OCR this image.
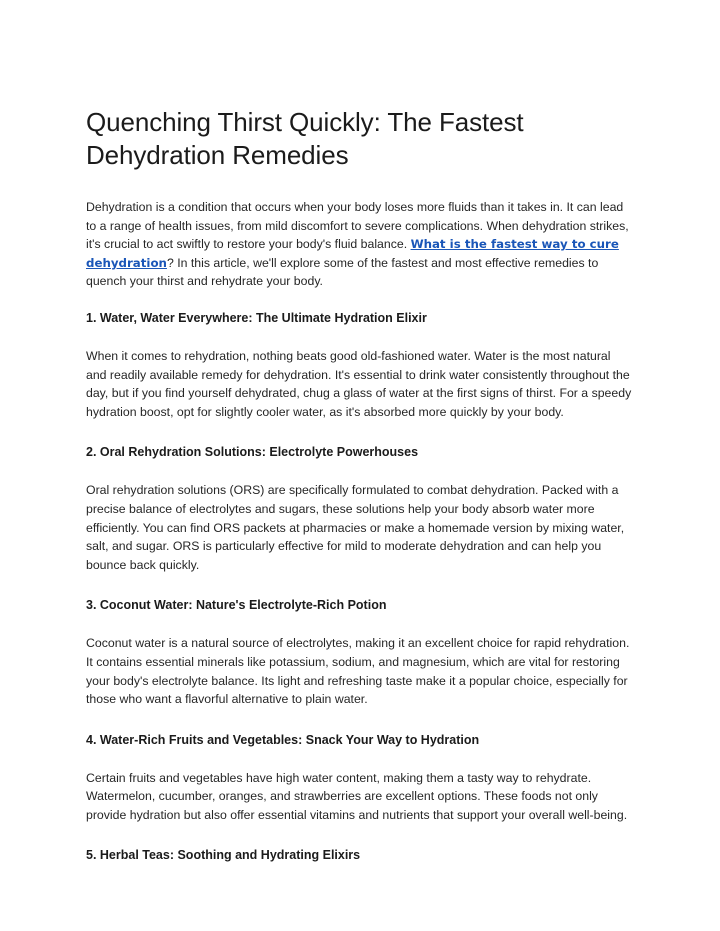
Quenching Thirst Quickly: The Fastest Dehydration Remedies

Dehydration is a condition that occurs when your body loses more fluids than it takes in. It can lead to a range of health issues, from mild discomfort to severe complications. When dehydration strikes, it's crucial to act swiftly to restore your body's fluid balance. What is the fastest way to cure dehydration? In this article, we'll explore some of the fastest and most effective remedies to quench your thirst and rehydrate your body.

1. Water, Water Everywhere: The Ultimate Hydration Elixir

When it comes to rehydration, nothing beats good old-fashioned water. Water is the most natural and readily available remedy for dehydration. It's essential to drink water consistently throughout the day, but if you find yourself dehydrated, chug a glass of water at the first signs of thirst. For a speedy hydration boost, opt for slightly cooler water, as it's absorbed more quickly by your body.

2. Oral Rehydration Solutions: Electrolyte Powerhouses

Oral rehydration solutions (ORS) are specifically formulated to combat dehydration. Packed with a precise balance of electrolytes and sugars, these solutions help your body absorb water more efficiently. You can find ORS packets at pharmacies or make a homemade version by mixing water, salt, and sugar. ORS is particularly effective for mild to moderate dehydration and can help you bounce back quickly.

3. Coconut Water: Nature's Electrolyte-Rich Potion

Coconut water is a natural source of electrolytes, making it an excellent choice for rapid rehydration. It contains essential minerals like potassium, sodium, and magnesium, which are vital for restoring your body's electrolyte balance. Its light and refreshing taste make it a popular choice, especially for those who want a flavorful alternative to plain water.

4. Water-Rich Fruits and Vegetables: Snack Your Way to Hydration

Certain fruits and vegetables have high water content, making them a tasty way to rehydrate. Watermelon, cucumber, oranges, and strawberries are excellent options. These foods not only provide hydration but also offer essential vitamins and nutrients that support your overall well-being.

5. Herbal Teas: Soothing and Hydrating Elixirs
